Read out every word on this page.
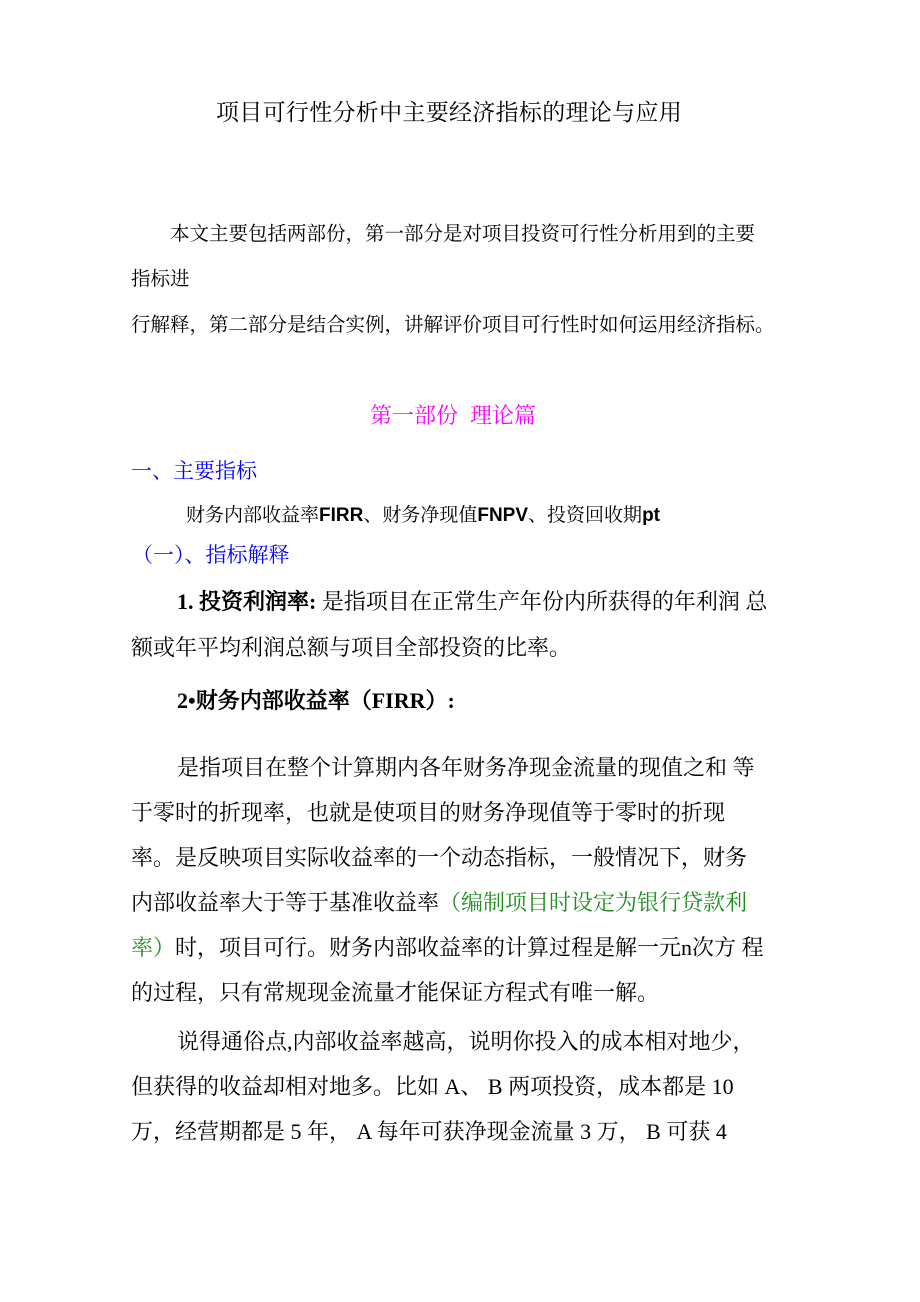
项目可行性分析中主要经济指标的理论与应用
本文主要包括两部份，第一部分是对项目投资可行性分析用到的主要
指标进
行解释，第二部分是结合实例，讲解评价项目可行性时如何运用经济指标。
第一部份 理论篇
一、主要指标
财务内部收益率FIRR、财务净现值FNPV、投资回收期pt
（一）、指标解释
1. 投资利润率: 是指项目在正常生产年份内所获得的年利润 总
额或年平均利润总额与项目全部投资的比率。
2•财务内部收益率（FIRR）:
是指项目在整个计算期内各年财务净现金流量的现值之和 等
于零时的折现率，也就是使项目的财务净现值等于零时的折现
率。是反映项目实际收益率的一个动态指标，一般情况下，财务
内部收益率大于等于基准收益率（编制项目时设定为银行贷款利
率）时，项目可行。财务内部收益率的计算过程是解一元n次方 程
的过程，只有常规现金流量才能保证方程式有唯一解。
说得通俗点,内部收益率越高，说明你投入的成本相对地少，
但获得的收益却相对地多。比如 A、 B 两项投资，成本都是 10
万，经营期都是 5 年， A 每年可获净现金流量 3 万， B 可获 4
